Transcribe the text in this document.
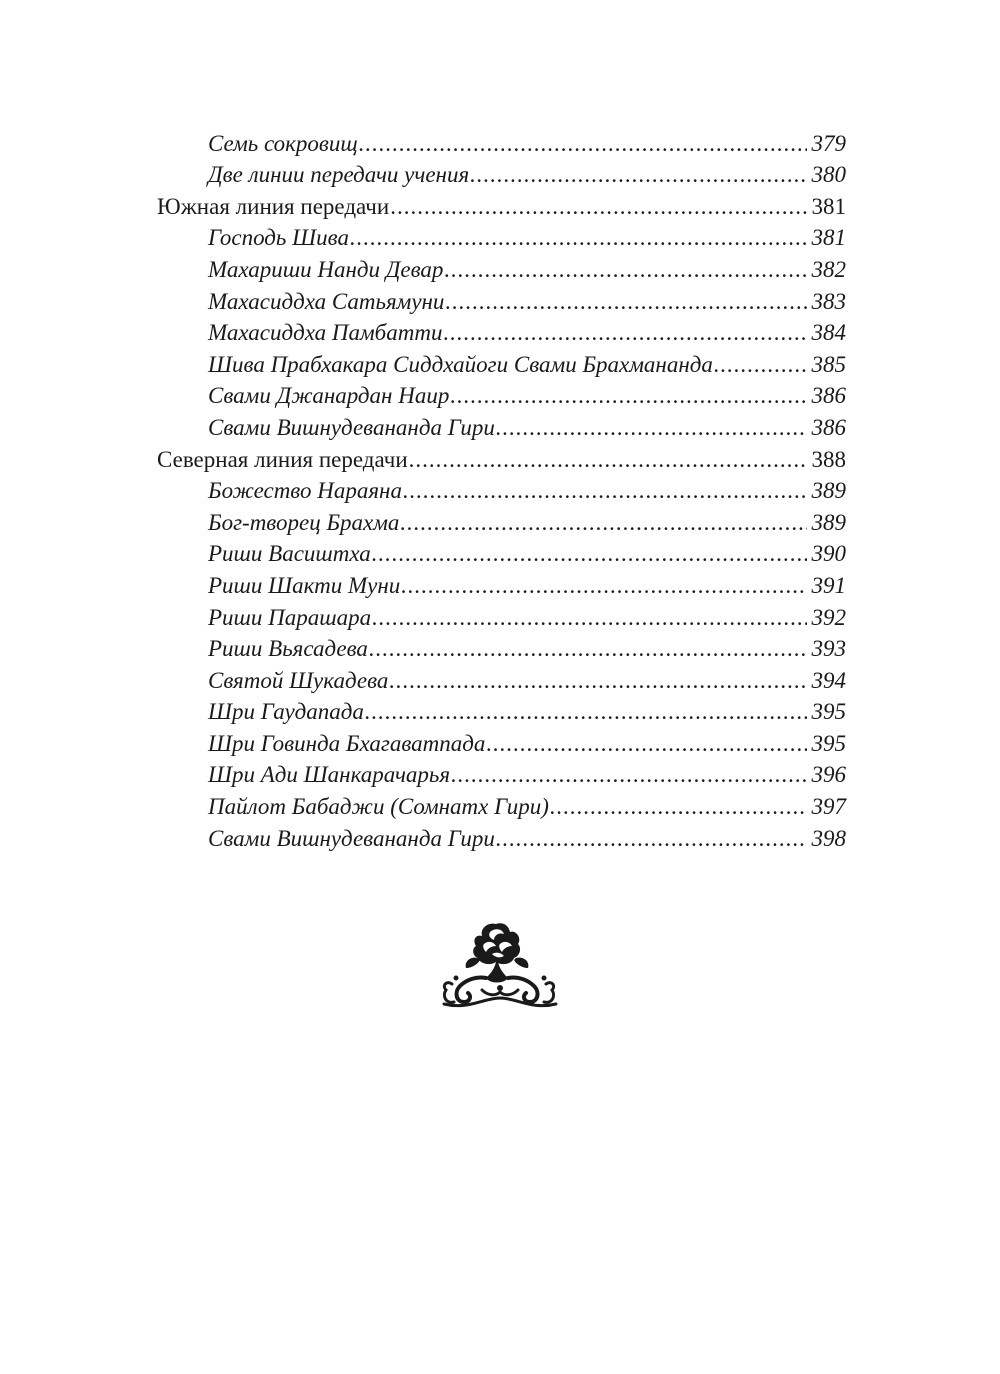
Семь сокровищ .....	379
Две линии передачи учения .....	380
Южная линия передачи .....	381
Господь Шива .....	381
Махариши Нанди Девар .....	382
Махасиддха Сатьямуни .....	383
Махасиддха Памбатти .....	384
Шива Прабхакара Сиддхайоги Свами Брахмананда .....	385
Свами Джанардан Наир .....	386
Свами Вишнудевананда Гири .....	386
Северная линия передачи .....	388
Божество Нараяна .....	389
Бог-творец Брахма .....	389
Риши Васиштха .....	390
Риши Шакти Муни .....	391
Риши Парашара .....	392
Риши Вьясадева .....	393
Святой Шукадева .....	394
Шри Гаудапада .....	395
Шри Говинда Бхагаватпада .....	395
Шри Ади Шанкарачарья .....	396
Пайлот Бабаджи (Сомнатх Гири) .....	397
Свами Вишнудевананда Гири .....	398
